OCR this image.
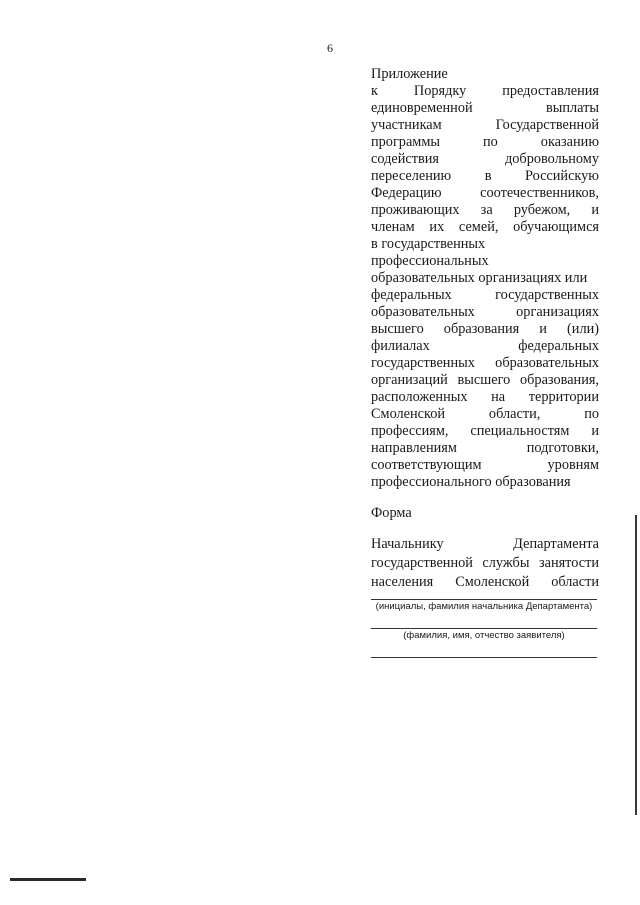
6
Приложение
к Порядку предоставления
единовременной выплаты
участникам Государственной
программы по оказанию
содействия добровольному
переселению в Российскую
Федерацию соотечественников,
проживающих за рубежом, и
членам их семей, обучающимся
в государственных
профессиональных
образовательных организациях или
федеральных государственных
образовательных организациях
высшего образования и (или)
филиалах федеральных
государственных образовательных
организаций высшего образования,
расположенных на территории
Смоленской области, по
профессиям, специальностям и
направлениям подготовки,
соответствующим уровням
профессионального образования
Форма
Начальнику Департамента
государственной службы занятости
населения Смоленской области
(инициалы, фамилия начальника Департамента)
(фамилия, имя, отчество заявителя)
